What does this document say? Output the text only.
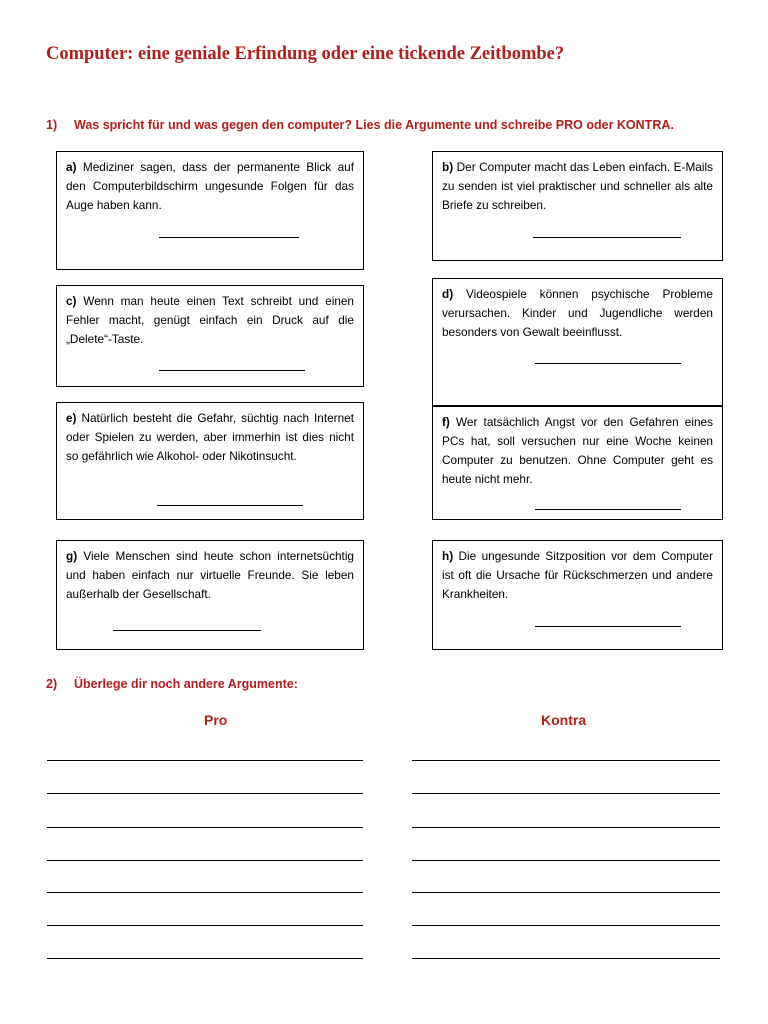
Computer: eine geniale Erfindung oder eine tickende Zeitbombe?
1) Was spricht für und was gegen den computer? Lies die Argumente und schreibe PRO oder KONTRA.

a) Mediziner sagen, dass der permanente Blick auf den Computerbildschirm ungesunde Folgen für das Auge haben kann.

b) Der Computer macht das Leben einfach. E-Mails zu senden ist viel praktischer und schneller als alte Briefe zu schreiben.

c) Wenn man heute einen Text schreibt und einen Fehler macht, genügt einfach ein Druck auf die „Delete“-Taste.

d) Videospiele können psychische Probleme verursachen. Kinder und Jugendliche werden besonders von Gewalt beeinflusst.

e) Natürlich besteht die Gefahr, süchtig nach Internet oder Spielen zu werden, aber immerhin ist dies nicht so gefährlich wie Alkohol- oder Nikotinsucht.

f) Wer tatsächlich Angst vor den Gefahren eines PCs hat, soll versuchen nur eine Woche keinen Computer zu benutzen. Ohne Computer geht es heute nicht mehr.

g) Viele Menschen sind heute schon internetsüchtig und haben einfach nur virtuelle Freunde. Sie leben außerhalb der Gesellschaft.

h) Die ungesunde Sitzposition vor dem Computer ist oft die Ursache für Rückschmerzen und andere Krankheiten.

2) Überlege dir noch andere Argumente:
Pro	Kontra
